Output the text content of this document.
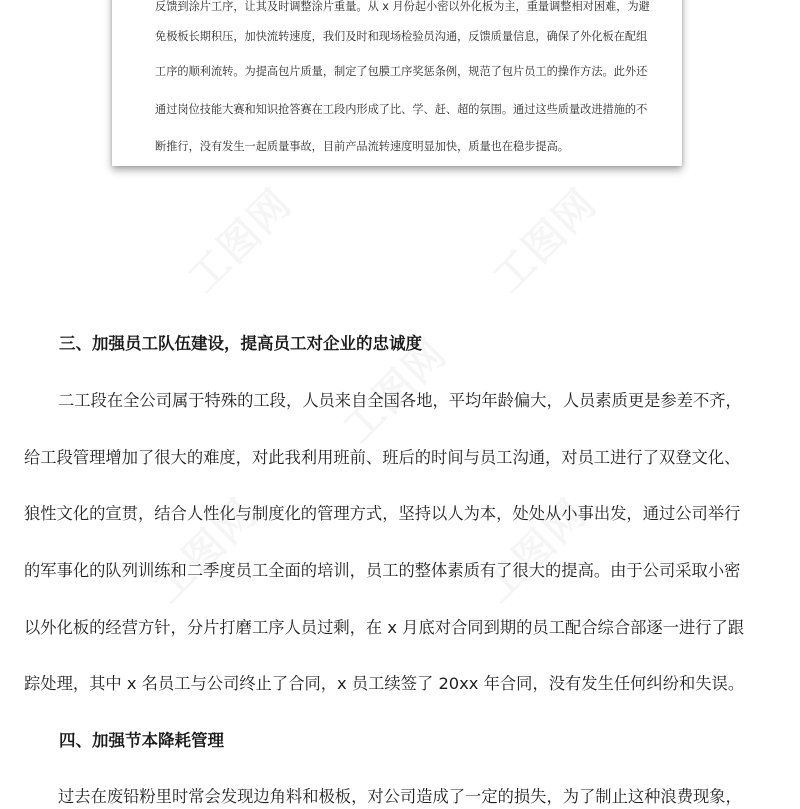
工图网	工图网
工图网
工图网	工图网
反馈到涂片工序，让其及时调整涂片重量。从 x 月份起小密以外化板为主，重量调整相对困难，为避
免极板长期积压，加快流转速度，我们及时和现场检验员沟通，反馈质量信息，确保了外化板在配组
工序的顺利流转。为提高包片质量，制定了包膜工序奖惩条例，规范了包片员工的操作方法。此外还
通过岗位技能大赛和知识抢答赛在工段内形成了比、学、赶、超的氛围。通过这些质量改进措施的不
断推行，没有发生一起质量事故，目前产品流转速度明显加快，质量也在稳步提高。
三、加强员工队伍建设，提高员工对企业的忠诚度
二工段在全公司属于特殊的工段，人员来自全国各地，平均年龄偏大，人员素质更是参差不齐，
给工段管理增加了很大的难度，对此我利用班前、班后的时间与员工沟通，对员工进行了双登文化、
狼性文化的宣贯，结合人性化与制度化的管理方式，坚持以人为本，处处从小事出发，通过公司举行
的军事化的队列训练和二季度员工全面的培训，员工的整体素质有了很大的提高。由于公司采取小密
以外化板的经营方针，分片打磨工序人员过剩，在 x 月底对合同到期的员工配合综合部逐一进行了跟
踪处理，其中 x 名员工与公司终止了合同，x 员工续签了 20xx 年合同，没有发生任何纠纷和失误。
四、加强节本降耗管理
过去在废铅粉里时常会发现边角料和极板，对公司造成了一定的损失，为了制止这种浪费现象，
